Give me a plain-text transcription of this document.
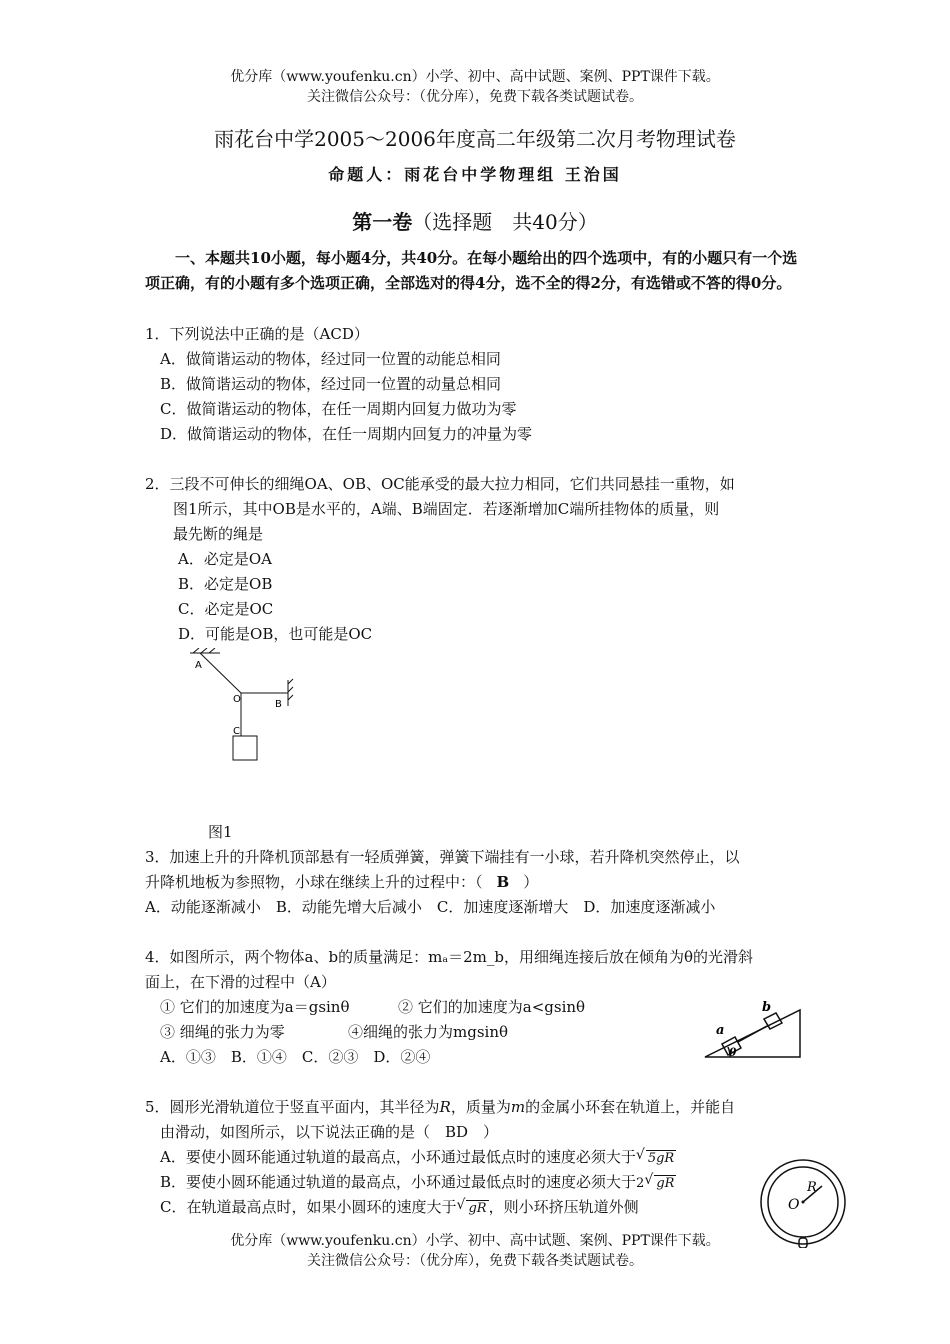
优分库（www.youfenku.cn）小学、初中、高中试题、案例、PPT课件下载。
关注微信公众号：（优分库），免费下载各类试题试卷。
雨花台中学2005～2006年度高二年级第二次月考物理试卷
命题人：雨花台中学物理组 王治国
第一卷（选择题　共40分）
一、本题共10小题，每小题4分，共40分。在每小题给出的四个选项中，有的小题只有一个选项正确，有的小题有多个选项正确，全部选对的得4分，选不全的得2分，有选错或不答的得0分。
1．下列说法中正确的是（ACD）
A．做简谐运动的物体，经过同一位置的动能总相同
B．做简谐运动的物体，经过同一位置的动量总相同
C．做简谐运动的物体，在任一周期内回复力做功为零
D．做简谐运动的物体，在任一周期内回复力的冲量为零
2．三段不可伸长的细绳OA、OB、OC能承受的最大拉力相同，它们共同悬挂一重物，如
图1所示，其中OB是水平的，A端、B端固定．若逐渐增加C端所挂物体的质量，则
最先断的绳是
A．必定是OA
B．必定是OB
C．必定是OC
D．可能是OB，也可能是OC
A
O	B
C
图1
3．加速上升的升降机顶部悬有一轻质弹簧，弹簧下端挂有一小球，若升降机突然停止，以
升降机地板为参照物，小球在继续上升的过程中：（ B ）
A．动能逐渐减小　B．动能先增大后减小　C．加速度逐渐增大　D．加速度逐渐减小
4．如图所示，两个物体a、b的质量满足：mₐ＝2m_b，用细绳连接后放在倾角为θ的光滑斜
面上，在下滑的过程中（A）
① 它们的加速度为a＝gsinθ	② 它们的加速度为a<gsinθ
③ 细绳的张力为零	④细绳的张力为mgsinθ
A．①③　B．①④　C．②③　D．②④
a
b
θ
5．圆形光滑轨道位于竖直平面内，其半径为R，质量为m的金属小环套在轨道上，并能自
由滑动，如图所示，以下说法正确的是（　BD　）
A．要使小圆环能通过轨道的最高点，小环通过最低点时的速度必须大于 √ 5gR
B．要使小圆环能通过轨道的最高点，小环通过最低点时的速度必须大于2 √ gR
C．在轨道最高点时，如果小圆环的速度大于 √ gR ，则小环挤压轨道外侧	O
R
优分库（www.youfenku.cn）小学、初中、高中试题、案例、PPT课件下载。
关注微信公众号：（优分库），免费下载各类试题试卷。
